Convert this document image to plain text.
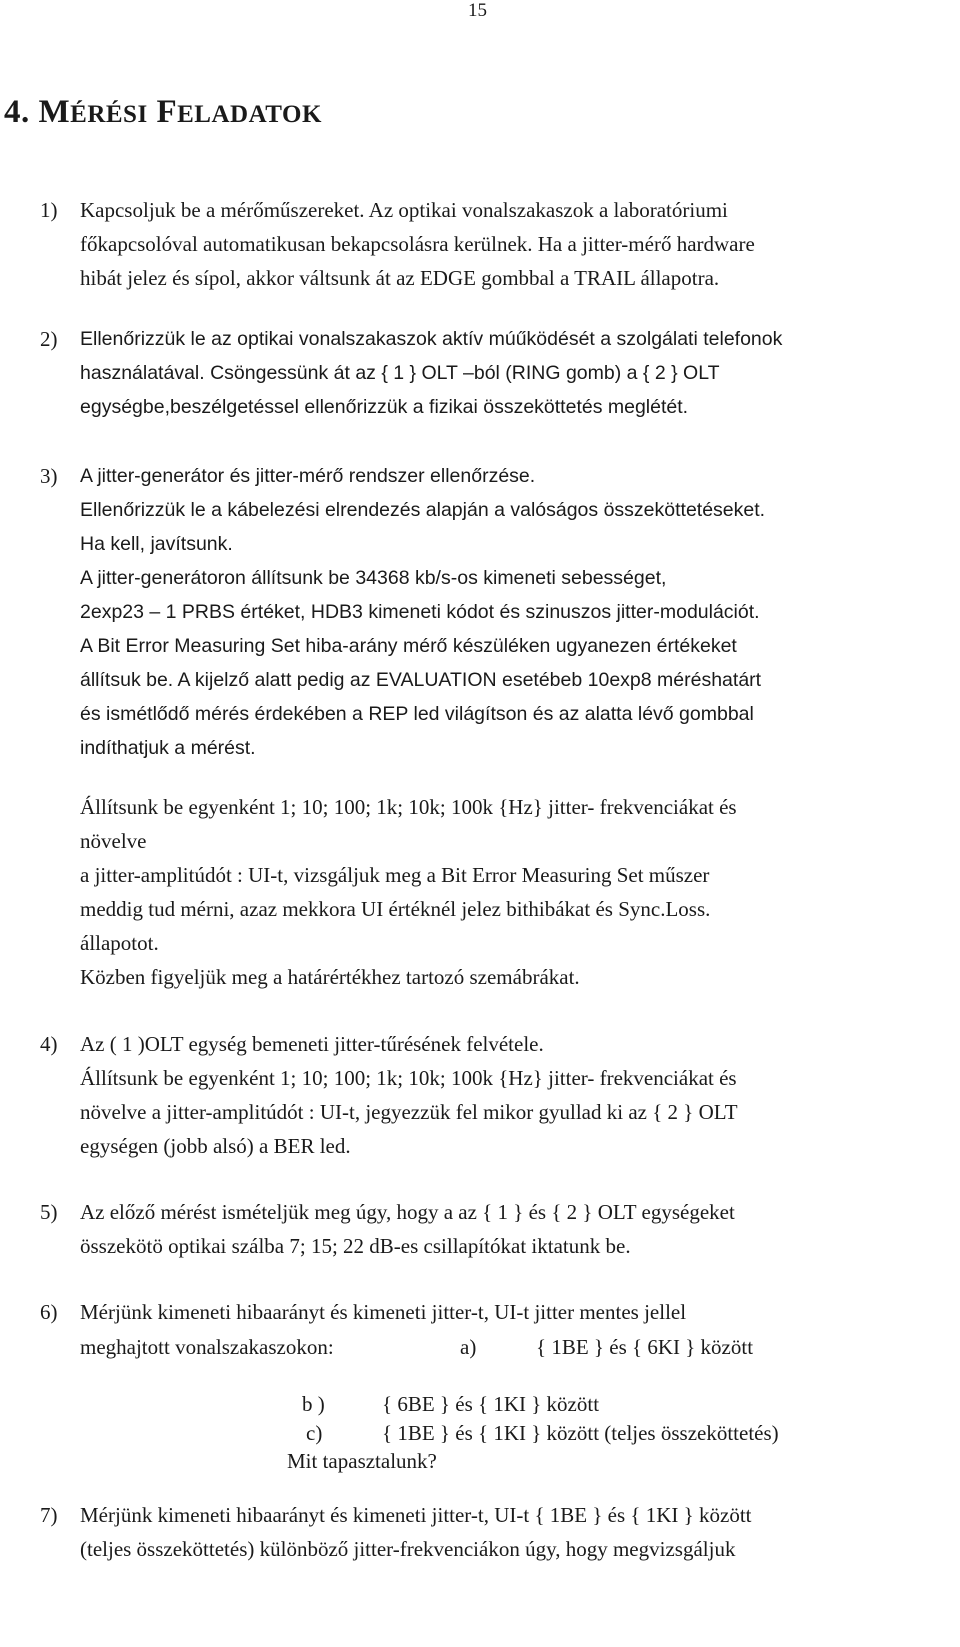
15
4. MÉRÉSI FELADATOK
1) Kapcsoljuk be a mérőműszereket. Az optikai vonalszakaszok a laboratóriumi
főkapcsolóval automatikusan bekapcsolásra kerülnek. Ha a jitter-mérő hardware
hibát jelez és sípol, akkor váltsunk át az EDGE gombbal a TRAIL állapotra.
2) Ellenőrizzük le az optikai vonalszakaszok aktív múűködését a szolgálati telefonok
használatával. Csöngessünk át az { 1 } OLT –ból (RING gomb) a { 2 } OLT
egységbe,beszélgetéssel ellenőrizzük a fizikai összeköttetés meglétét.
3) A jitter-generátor és jitter-mérő rendszer ellenőrzése.
Ellenőrizzük le a kábelezési elrendezés alapján a valóságos összeköttetéseket.
Ha kell, javítsunk.
A jitter-generátoron állítsunk be 34368 kb/s-os kimeneti sebességet,
2exp23 – 1 PRBS értéket, HDB3 kimeneti kódot és szinuszos jitter-modulációt.
A Bit Error Measuring Set hiba-arány mérő készüléken ugyanezen értékeket
állítsuk be. A kijelző alatt pedig az EVALUATION esetébeb 10exp8 méréshatárt
és ismétlődő mérés érdekében a REP led világítson és az alatta lévő gombbal
indíthatjuk a mérést.
Állítsunk be egyenként 1; 10; 100; 1k; 10k; 100k {Hz} jitter- frekvenciákat és
növelve
a jitter-amplitúdót : UI-t, vizsgáljuk meg a Bit Error Measuring Set műszer
meddig tud mérni, azaz mekkora UI értéknél jelez bithibákat és Sync.Loss.
állapotot.
Közben figyeljük meg a határértékhez tartozó szemábrákat.
4) Az ( 1 )OLT egység bemeneti jitter-tűrésének felvétele.
Állítsunk be egyenként 1; 10; 100; 1k; 10k; 100k {Hz} jitter- frekvenciákat és
növelve a jitter-amplitúdót : UI-t, jegyezzük fel mikor gyullad ki az { 2 } OLT
egységen (jobb alsó) a BER led.
5) Az előző mérést ismételjük meg úgy, hogy a az { 1 } és { 2 } OLT egységeket
összekötö optikai szálba 7; 15; 22 dB-es csillapítókat iktatunk be.
6) Mérjünk kimeneti hibaarányt és kimeneti jitter-t, UI-t jitter mentes jellel
meghajtott vonalszakaszokon:	a)	{ 1BE } és { 6KI } között
b )	{ 6BE } és { 1KI } között
c)	{ 1BE } és { 1KI } között (teljes összeköttetés)
Mit tapasztalunk?
7) Mérjünk kimeneti hibaarányt és kimeneti jitter-t, UI-t { 1BE } és { 1KI } között
(teljes összeköttetés) különböző jitter-frekvenciákon úgy, hogy megvizsgáljuk
